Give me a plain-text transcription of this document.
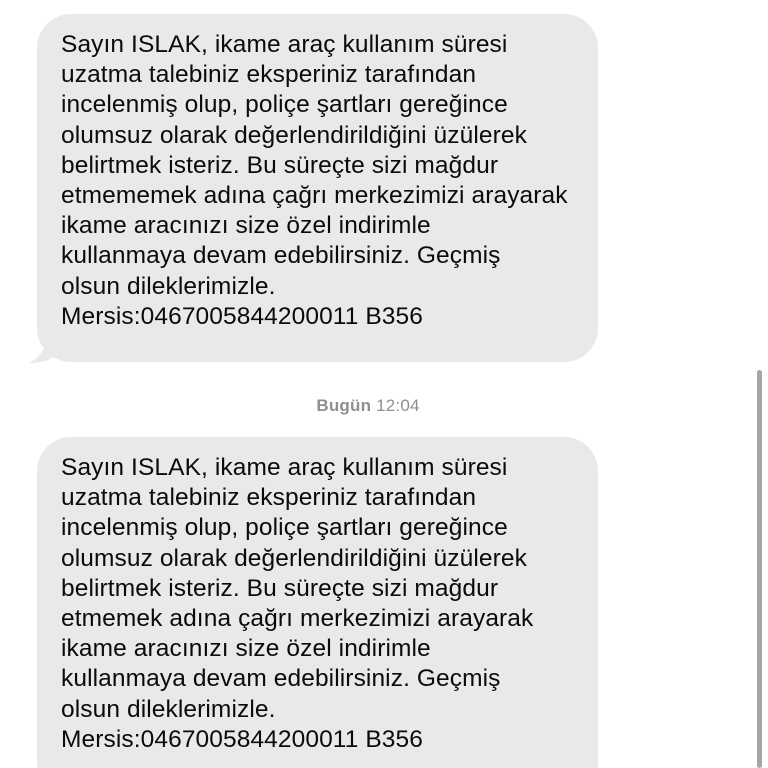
Sayın ISLAK, ikame araç kullanım süresi
uzatma talebiniz eksperiniz tarafından
incelenmiş olup, poliçe şartları gereğince
olumsuz olarak değerlendirildiğini üzülerek
belirtmek isteriz. Bu süreçte sizi mağdur
etmememek adına çağrı merkezimizi arayarak
ikame aracınızı size özel indirimle
kullanmaya devam edebilirsiniz. Geçmiş
olsun dileklerimizle.
Mersis:0467005844200011 B356
Bugün 12:04
Sayın ISLAK, ikame araç kullanım süresi
uzatma talebiniz eksperiniz tarafından
incelenmiş olup, poliçe şartları gereğince
olumsuz olarak değerlendirildiğini üzülerek
belirtmek isteriz. Bu süreçte sizi mağdur
etmemek adına çağrı merkezimizi arayarak
ikame aracınızı size özel indirimle
kullanmaya devam edebilirsiniz. Geçmiş
olsun dileklerimizle.
Mersis:0467005844200011 B356
